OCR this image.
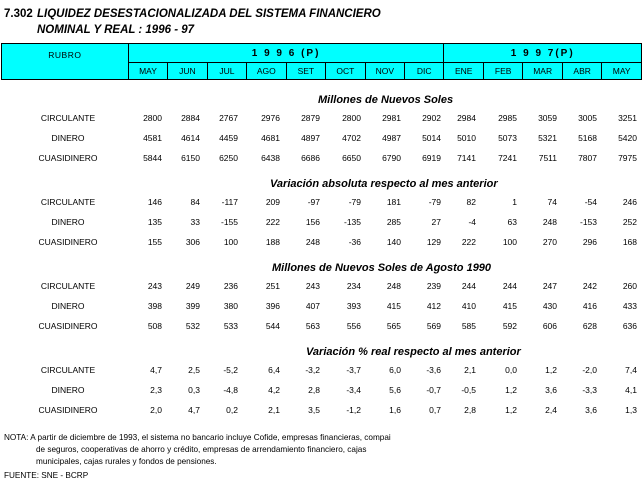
7.302 LIQUIDEZ DESESTACIONALIZADA DEL SISTEMA FINANCIERO
NOMINAL Y REAL : 1996 - 97
RUBRO	1 9 9 6 (P)								1 9 9 7(P)				
	MAY	JUN	JUL	AGO	SET	OCT	NOV	DIC	ENE	FEB	MAR	ABR	MAY
Millones de Nuevos Soles
CIRCULANTE	2800	2884	2767	2976	2879	2800	2981	2902	2984	2985	3059	3005	3251
DINERO	4581	4614	4459	4681	4897	4702	4987	5014	5010	5073	5321	5168	5420
CUASIDINERO	5844	6150	6250	6438	6686	6650	6790	6919	7141	7241	7511	7807	7975
Variación absoluta respecto al mes anterior
CIRCULANTE	146	84	-117	209	-97	-79	181	-79	82	1	74	-54	246
DINERO	135	33	-155	222	156	-135	285	27	-4	63	248	-153	252
CUASIDINERO	155	306	100	188	248	-36	140	129	222	100	270	296	168
Millones de Nuevos Soles de Agosto 1990
CIRCULANTE	243	249	236	251	243	234	248	239	244	244	247	242	260
DINERO	398	399	380	396	407	393	415	412	410	415	430	416	433
CUASIDINERO	508	532	533	544	563	556	565	569	585	592	606	628	636
Variación % real respecto al mes anterior
CIRCULANTE	4,7	2,5	-5,2	6,4	-3,2	-3,7	6,0	-3,6	2,1	0,0	1,2	-2,0	7,4
DINERO	2,3	0,3	-4,8	4,2	2,8	-3,4	5,6	-0,7	-0,5	1,2	3,6	-3,3	4,1
CUASIDINERO	2,0	4,7	0,2	2,1	3,5	-1,2	1,6	0,7	2,8	1,2	2,4	3,6	1,3
NOTA: A partir de diciembre de 1993, el sistema no bancario incluye Cofide, empresas financieras, compai
de seguros, cooperativas de ahorro y crédito, empresas de arrendamiento financiero, cajas
municipales, cajas rurales y fondos de pensiones.
FUENTE: SNE - BCRP
